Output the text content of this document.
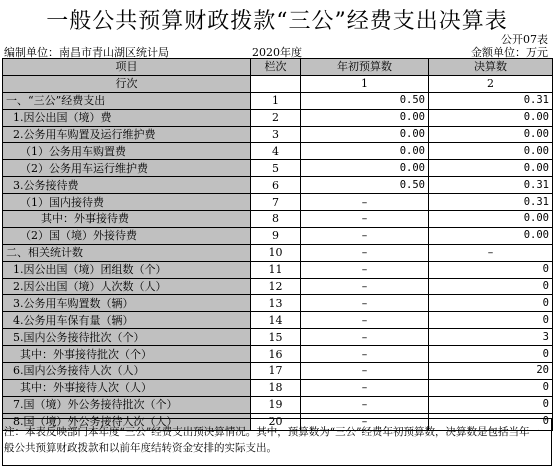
一般公共预算财政拨款“三公”经费支出决算表
公开07表
编制单位：南昌市青山湖区统计局	2020年度	金额单位：万元
项目	栏次	年初预算数	决算数
行次		1	2
一、“三公”经费支出	1	0.50	0.31
1.因公出国（境）费	2	0.00	0.00
2.公务用车购置及运行维护费	3	0.00	0.00
（1）公务用车购置费	4	0.00	0.00
（2）公务用车运行维护费	5	0.00	0.00
3.公务接待费	6	0.50	0.31
（1）国内接待费	7	–	0.31
其中：外事接待费	8	–	0.00
（2）国（境）外接待费	9	–	0.00
二、相关统计数	10	–	–
1.因公出国（境）团组数（个）	11	–	0
2.因公出国（境）人次数（人）	12	–	0
3.公务用车购置数（辆）	13	–	0
4.公务用车保有量（辆）	14	–	0
5.国内公务接待批次（个）	15	–	3
其中：外事接待批次（个）	16	–	0
6.国内公务接待人次（人）	17	–	20
其中：外事接待人次（人）	18	–	0
7.国（境）外公务接待批次（个）	19	–	0
8.国（境）外公务接待人次（人）	20	–	0
注：本表反映部门本年度“三公”经费支出预决算情况。其中，预算数为“三公”经费年初预算数，决算数是包括当年一般公共预算财政拨款和以前年度结转资金安排的实际支出。
